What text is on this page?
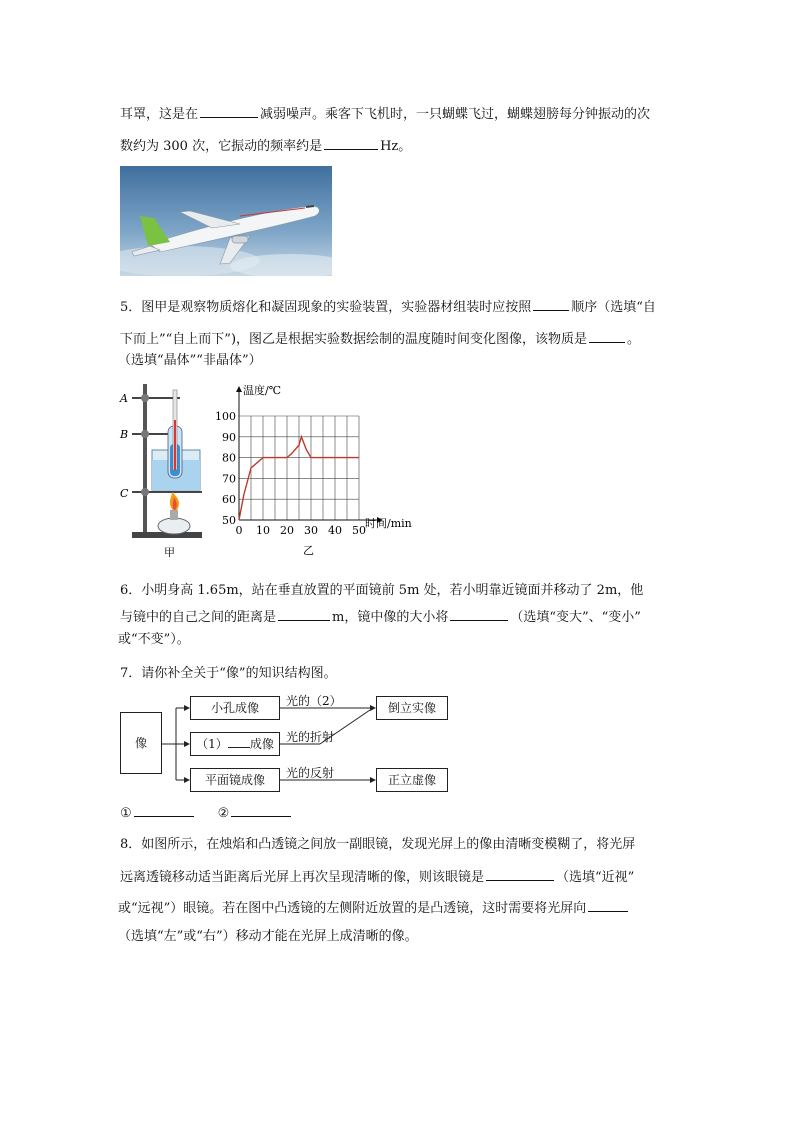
耳罩，这是在	减弱噪声。乘客下飞机时，一只蝴蝶飞过，蝴蝶翅膀每分钟振动的次
数约为 300 次，它振动的频率约是	Hz。
5．图甲是观察物质熔化和凝固现象的实验装置，实验器材组装时应按照	顺序（选填“自
下而上”“自上而下”)，图乙是根据实验数据绘制的温度随时间变化图像，该物质是	。
（选填“晶体”“非晶体”）
A
B
C
甲
0 10 20 30 40 50
50
60
70
80
90
100
温度/℃
时间/min
乙
6．小明身高 1.65m，站在垂直放置的平面镜前 5m 处，若小明靠近镜面并移动了 2m，他
与镜中的自己之间的距离是	m，镜中像的大小将	（选填“变大”、“变小”
或“不变”）。
7．请你补全关于“像”的知识结构图。
像
小孔成像
（1） 成像
平面镜成像
倒立实像
正立虚像
光的（2）
光的折射
光的反射
①	②
8．如图所示，在烛焰和凸透镜之间放一副眼镜，发现光屏上的像由清晰变模糊了，将光屏
远离透镜移动适当距离后光屏上再次呈现清晰的像，则该眼镜是	（选填“近视”
或“远视”）眼镜。若在图中凸透镜的左侧附近放置的是凸透镜，这时需要将光屏向
（选填“左”或“右”）移动才能在光屏上成清晰的像。
